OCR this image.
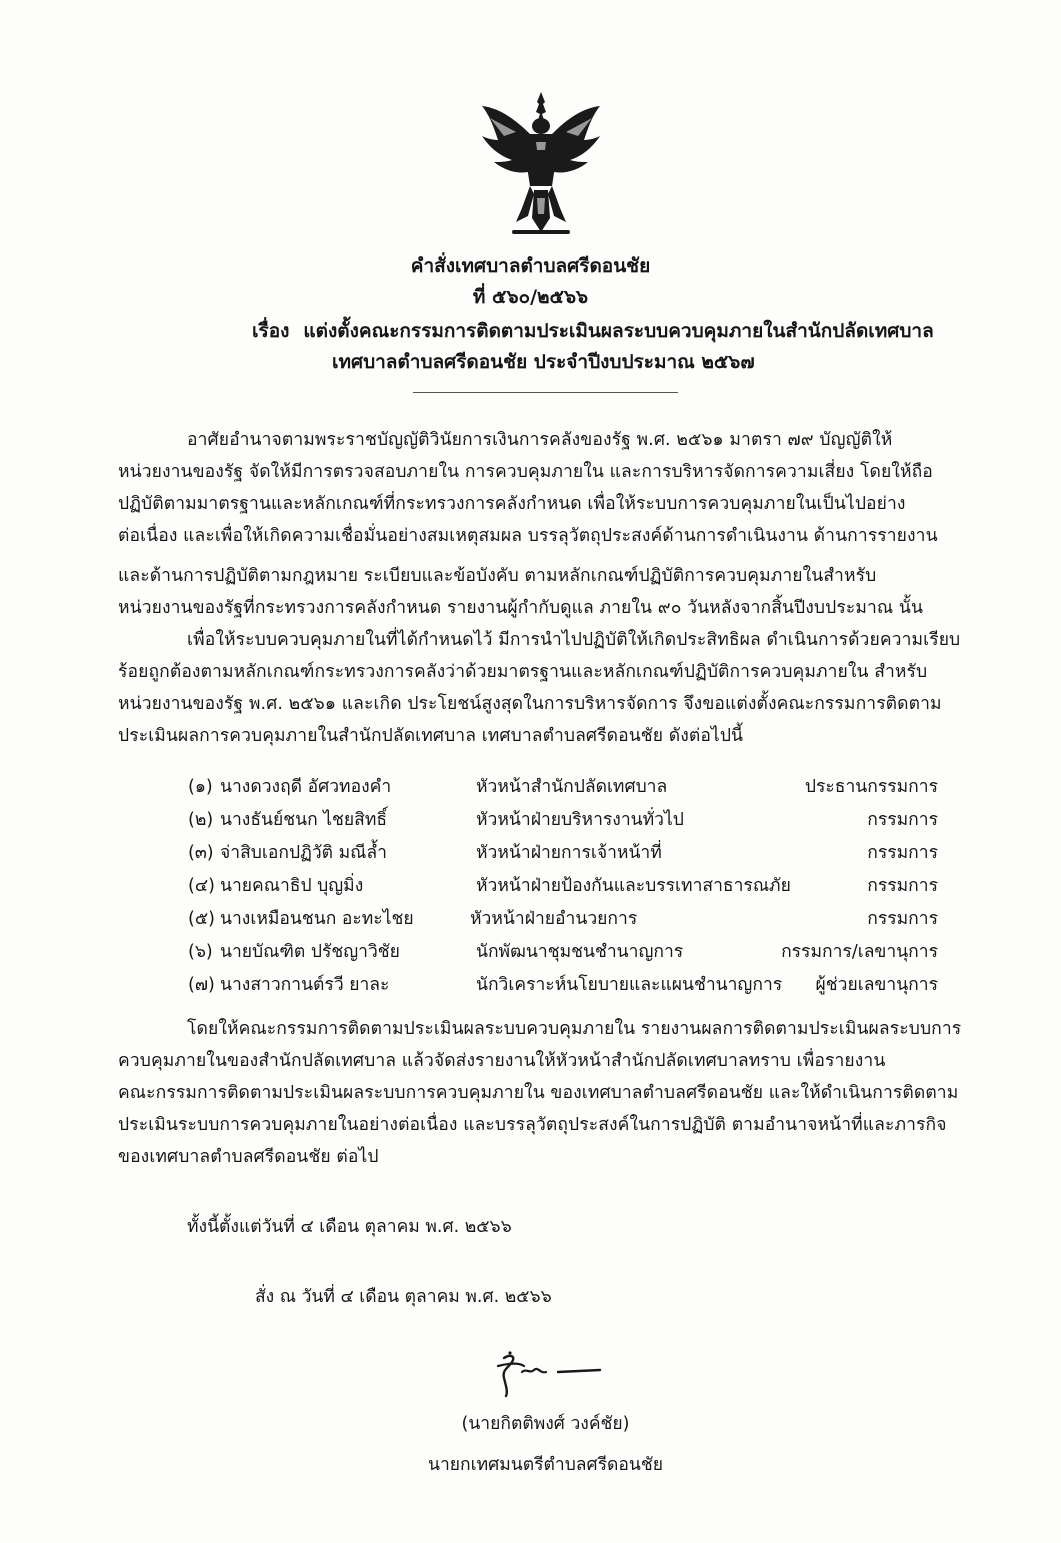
คำสั่งเทศบาลตำบลศรีดอนชัย
ที่ ๕๖๐/๒๕๖๖
เรื่อง แต่งตั้งคณะกรรมการติดตามประเมินผลระบบควบคุมภายในสำนักปลัดเทศบาล
เทศบาลตำบลศรีดอนชัย ประจำปีงบประมาณ ๒๕๖๗
อาศัยอำนาจตามพระราชบัญญัติวินัยการเงินการคลังของรัฐ พ.ศ. ๒๕๖๑ มาตรา ๗๙ บัญญัติให้
หน่วยงานของรัฐ จัดให้มีการตรวจสอบภายใน การควบคุมภายใน และการบริหารจัดการความเสี่ยง โดยให้ถือ
ปฏิบัติตามมาตรฐานและหลักเกณฑ์ที่กระทรวงการคลังกำหนด เพื่อให้ระบบการควบคุมภายในเป็นไปอย่าง
ต่อเนื่อง และเพื่อให้เกิดความเชื่อมั่นอย่างสมเหตุสมผล บรรลุวัตถุประสงค์ด้านการดำเนินงาน ด้านการรายงาน
และด้านการปฏิบัติตามกฎหมาย ระเบียบและข้อบังคับ ตามหลักเกณฑ์ปฏิบัติการควบคุมภายในสำหรับ
หน่วยงานของรัฐที่กระทรวงการคลังกำหนด รายงานผู้กำกับดูแล ภายใน ๙๐ วันหลังจากสิ้นปีงบประมาณ นั้น
เพื่อให้ระบบควบคุมภายในที่ได้กำหนดไว้ มีการนำไปปฏิบัติให้เกิดประสิทธิผล ดำเนินการด้วยความเรียบ
ร้อยถูกต้องตามหลักเกณฑ์กระทรวงการคลังว่าด้วยมาตรฐานและหลักเกณฑ์ปฏิบัติการควบคุมภายใน สำหรับ
หน่วยงานของรัฐ พ.ศ. ๒๕๖๑ และเกิด ประโยชน์สูงสุดในการบริหารจัดการ จึงขอแต่งตั้งคณะกรรมการติดตาม
ประเมินผลการควบคุมภายในสำนักปลัดเทศบาล เทศบาลตำบลศรีดอนชัย ดังต่อไปนี้
(๑) นางดวงฤดี อัศวทองคำ	หัวหน้าสำนักปลัดเทศบาล	ประธานกรรมการ
(๒) นางธันย์ชนก ไชยสิทธิ์	หัวหน้าฝ่ายบริหารงานทั่วไป	กรรมการ
(๓) จ่าสิบเอกปฏิวัติ มณีล้ำ	หัวหน้าฝ่ายการเจ้าหน้าที่	กรรมการ
(๔) นายคณาธิป บุญมิ่ง	หัวหน้าฝ่ายป้องกันและบรรเทาสาธารณภัย	กรรมการ
(๕) นางเหมือนชนก อะทะไชย	หัวหน้าฝ่ายอำนวยการ	กรรมการ
(๖) นายบัณฑิต ปรัชญาวิชัย	นักพัฒนาชุมชนชำนาญการ	กรรมการ/เลขานุการ
(๗) นางสาวกานต์รวี ยาละ	นักวิเคราะห์นโยบายและแผนชำนาญการ ผู้ช่วยเลขานุการ
โดยให้คณะกรรมการติดตามประเมินผลระบบควบคุมภายใน รายงานผลการติดตามประเมินผลระบบการ
ควบคุมภายในของสำนักปลัดเทศบาล แล้วจัดส่งรายงานให้หัวหน้าสำนักปลัดเทศบาลทราบ เพื่อรายงาน
คณะกรรมการติดตามประเมินผลระบบการควบคุมภายใน ของเทศบาลตำบลศรีดอนชัย และให้ดำเนินการติดตาม
ประเมินระบบการควบคุมภายในอย่างต่อเนื่อง และบรรลุวัตถุประสงค์ในการปฏิบัติ ตามอำนาจหน้าที่และภารกิจ
ของเทศบาลตำบลศรีดอนชัย ต่อไป
ทั้งนี้ตั้งแต่วันที่ ๔ เดือน ตุลาคม พ.ศ. ๒๕๖๖
สั่ง ณ วันที่ ๔ เดือน ตุลาคม พ.ศ. ๒๕๖๖
(นายกิตติพงศ์ วงค์ชัย)
นายกเทศมนตรีตำบลศรีดอนชัย
